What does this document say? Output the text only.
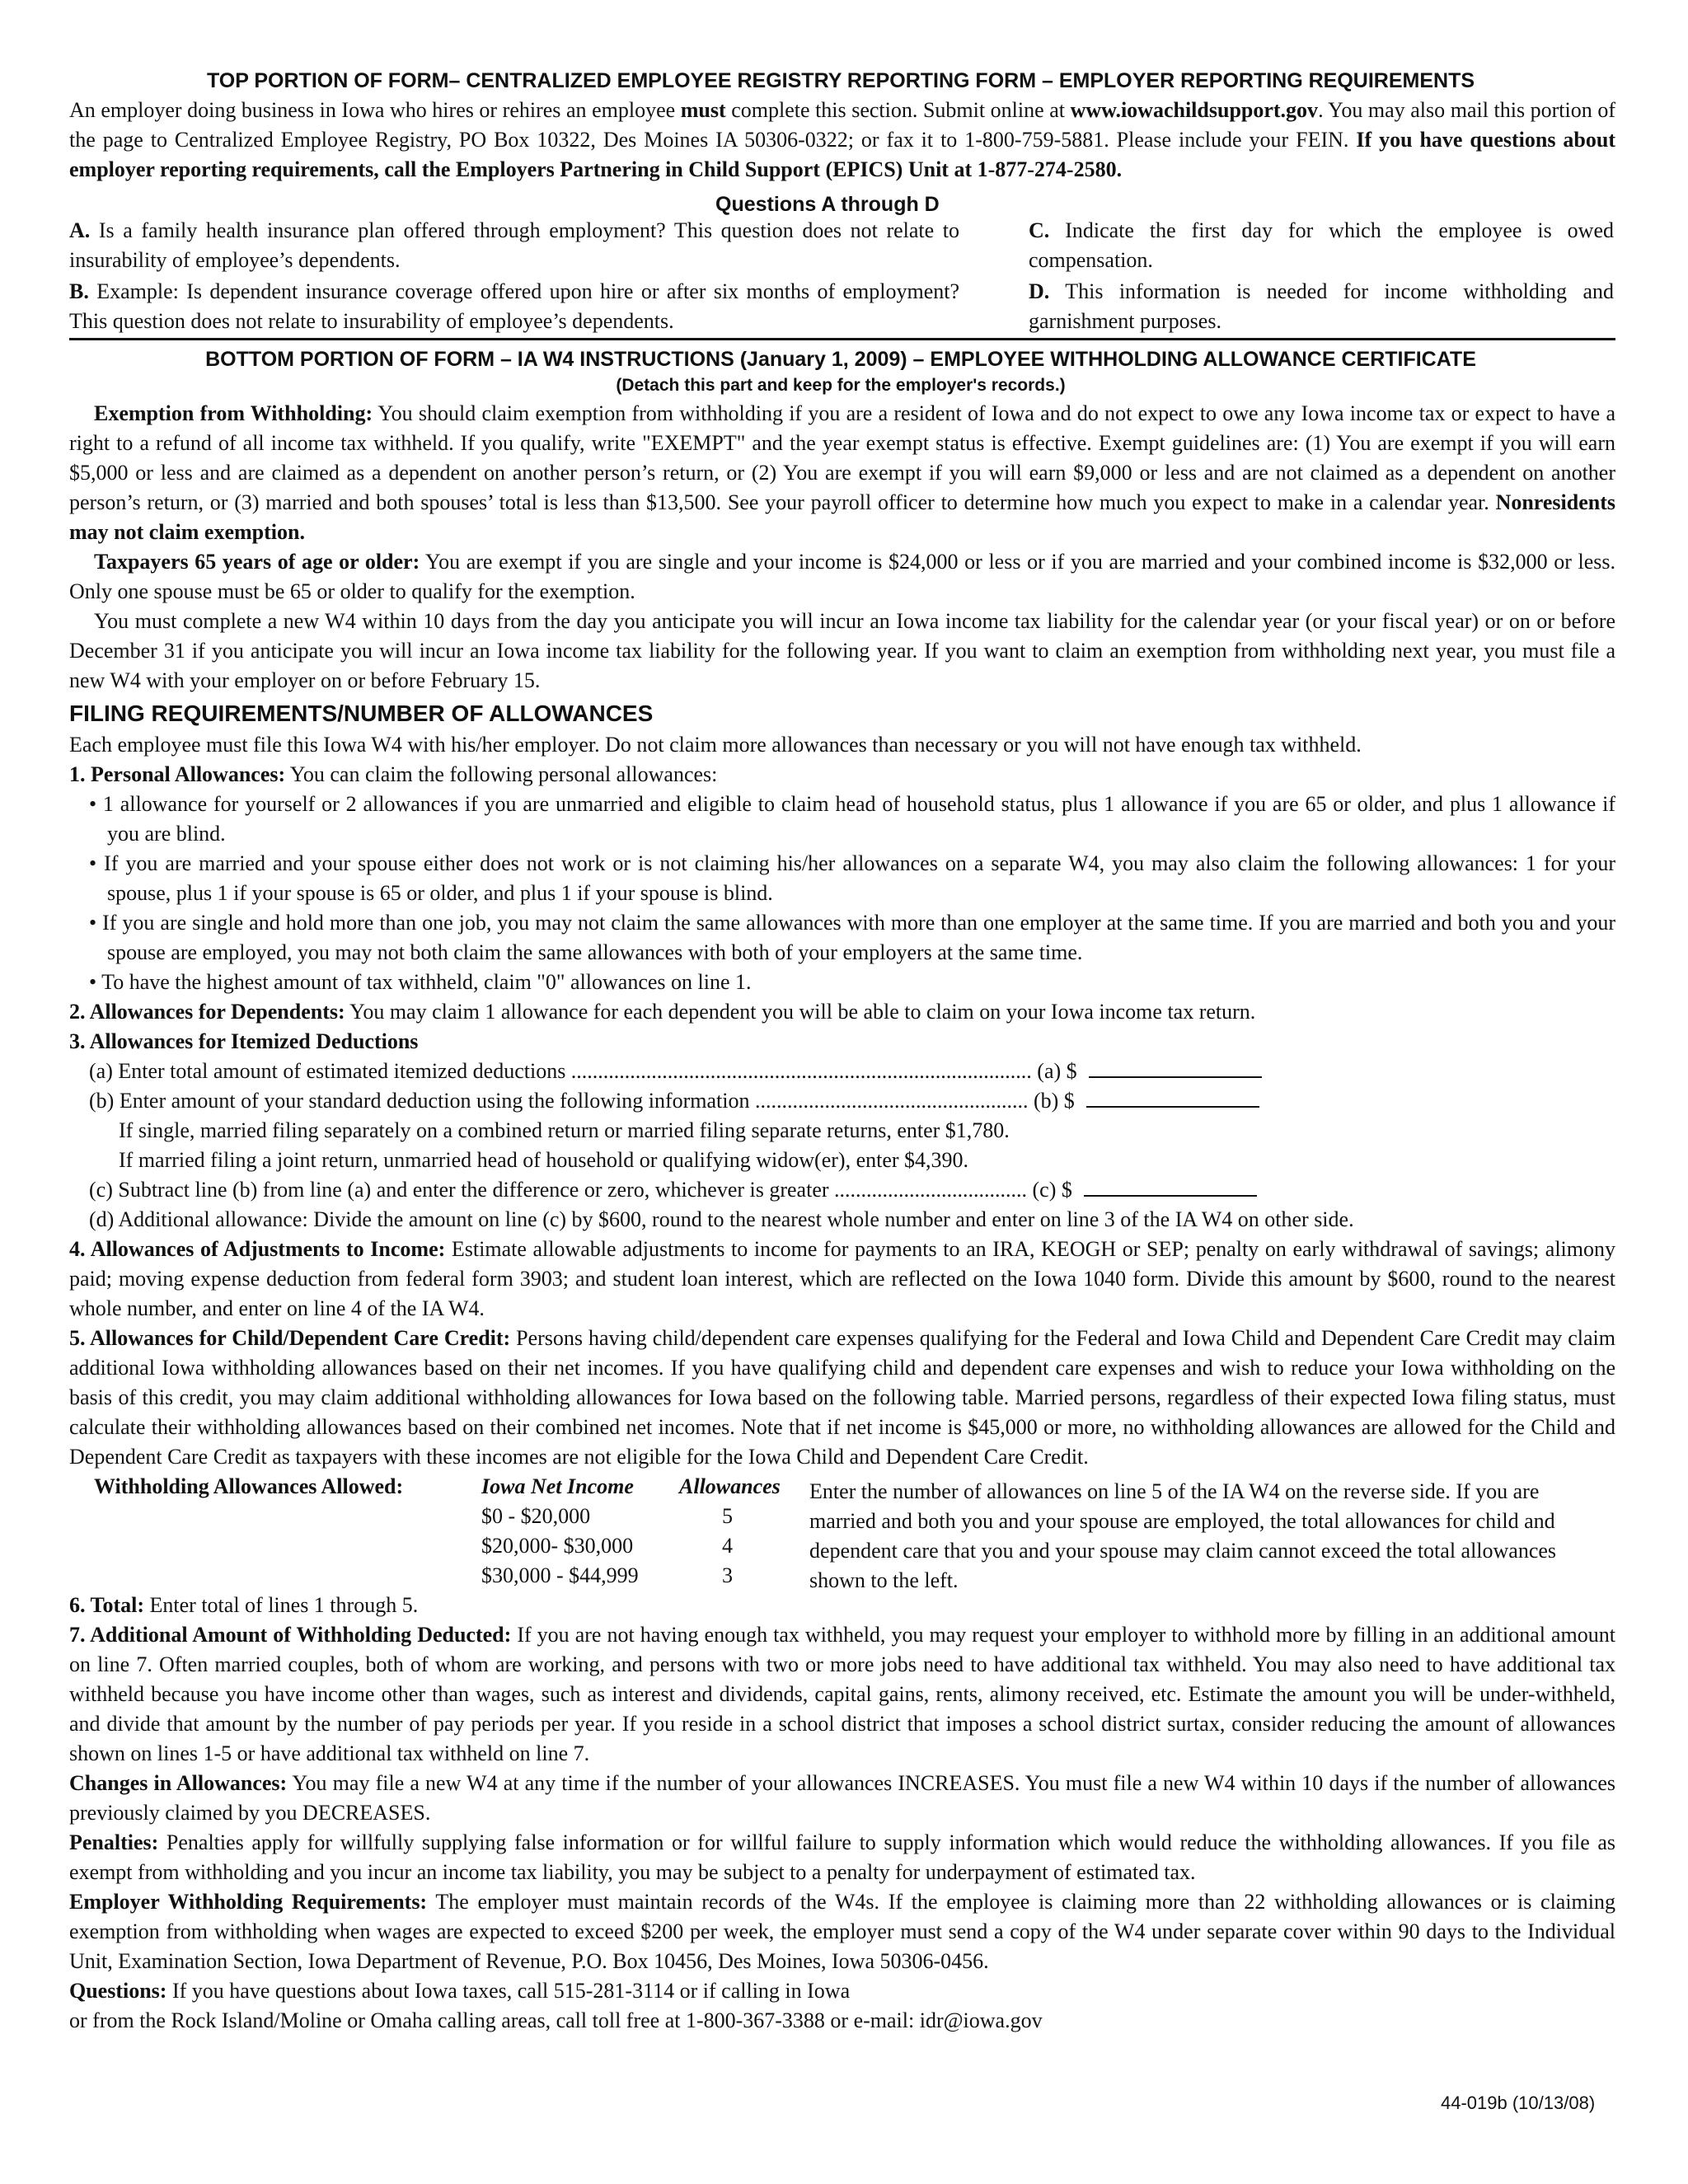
TOP PORTION OF FORM– CENTRALIZED EMPLOYEE REGISTRY REPORTING FORM – EMPLOYER REPORTING REQUIREMENTS

An employer doing business in Iowa who hires or rehires an employee must complete this section. Submit online at www.iowachildsupport.gov. You may also mail this portion of the page to Centralized Employee Registry, PO Box 10322, Des Moines IA 50306-0322; or fax it to 1-800-759-5881. Please include your FEIN. If you have questions about employer reporting requirements, call the Employers Partnering in Child Support (EPICS) Unit at 1-877-274-2580.

Questions A through D

A. Is a family health insurance plan offered through employment? This question does not relate to insurability of employee’s dependents.

B. Example: Is dependent insurance coverage offered upon hire or after six months of employment? This question does not relate to insurability of employee’s dependents.

C. Indicate the first day for which the employee is owed compensation.

D. This information is needed for income withholding and garnishment purposes.

BOTTOM PORTION OF FORM – IA W4 INSTRUCTIONS (January 1, 2009) – EMPLOYEE WITHHOLDING ALLOWANCE CERTIFICATE
(Detach this part and keep for the employer's records.)

Exemption from Withholding: You should claim exemption from withholding if you are a resident of Iowa and do not expect to owe any Iowa income tax or expect to have a right to a refund of all income tax withheld. If you qualify, write "EXEMPT" and the year exempt status is effective. Exempt guidelines are: (1) You are exempt if you will earn $5,000 or less and are claimed as a dependent on another person’s return, or (2) You are exempt if you will earn $9,000 or less and are not claimed as a dependent on another person’s return, or (3) married and both spouses’ total is less than $13,500. See your payroll officer to determine how much you expect to make in a calendar year. Nonresidents may not claim exemption.

Taxpayers 65 years of age or older: You are exempt if you are single and your income is $24,000 or less or if you are married and your combined income is $32,000 or less. Only one spouse must be 65 or older to qualify for the exemption.

You must complete a new W4 within 10 days from the day you anticipate you will incur an Iowa income tax liability for the calendar year (or your fiscal year) or on or before December 31 if you anticipate you will incur an Iowa income tax liability for the following year. If you want to claim an exemption from withholding next year, you must file a new W4 with your employer on or before February 15.

FILING REQUIREMENTS/NUMBER OF ALLOWANCES

Each employee must file this Iowa W4 with his/her employer. Do not claim more allowances than necessary or you will not have enough tax withheld.

1. Personal Allowances: You can claim the following personal allowances:

• 1 allowance for yourself or 2 allowances if you are unmarried and eligible to claim head of household status, plus 1 allowance if you are 65 or older, and plus 1 allowance if you are blind.

• If you are married and your spouse either does not work or is not claiming his/her allowances on a separate W4, you may also claim the following allowances: 1 for your spouse, plus 1 if your spouse is 65 or older, and plus 1 if your spouse is blind.

• If you are single and hold more than one job, you may not claim the same allowances with more than one employer at the same time. If you are married and both you and your spouse are employed, you may not both claim the same allowances with both of your employers at the same time.

• To have the highest amount of tax withheld, claim "0" allowances on line 1.

2. Allowances for Dependents: You may claim 1 allowance for each dependent you will be able to claim on your Iowa income tax return.

3. Allowances for Itemized Deductions

(a) Enter total amount of estimated itemized deductions ...................................................................................... (a) $

(b) Enter amount of your standard deduction using the following information ................................................... (b) $

If single, married filing separately on a combined return or married filing separate returns, enter $1,780.

If married filing a joint return, unmarried head of household or qualifying widow(er), enter $4,390.

(c) Subtract line (b) from line (a) and enter the difference or zero, whichever is greater .................................... (c) $

(d) Additional allowance: Divide the amount on line (c) by $600, round to the nearest whole number and enter on line 3 of the IA W4 on other side.

4. Allowances of Adjustments to Income: Estimate allowable adjustments to income for payments to an IRA, KEOGH or SEP; penalty on early withdrawal of savings; alimony paid; moving expense deduction from federal form 3903; and student loan interest, which are reflected on the Iowa 1040 form. Divide this amount by $600, round to the nearest whole number, and enter on line 4 of the IA W4.

5. Allowances for Child/Dependent Care Credit: Persons having child/dependent care expenses qualifying for the Federal and Iowa Child and Dependent Care Credit may claim additional Iowa withholding allowances based on their net incomes. If you have qualifying child and dependent care expenses and wish to reduce your Iowa withholding on the basis of this credit, you may claim additional withholding allowances for Iowa based on the following table. Married persons, regardless of their expected Iowa filing status, must calculate their withholding allowances based on their combined net incomes. Note that if net income is $45,000 or more, no withholding allowances are allowed for the Child and Dependent Care Credit as taxpayers with these incomes are not eligible for the Iowa Child and Dependent Care Credit.

Withholding Allowances Allowed:	Iowa Net Income	Allowances
	$0 - $20,000	5
	$20,000- $30,000	4
	$30,000 - $44,999	3

Enter the number of allowances on line 5 of the IA W4 on the reverse side. If you are married and both you and your spouse are employed, the total allowances for child and dependent care that you and your spouse may claim cannot exceed the total allowances shown to the left.

6. Total: Enter total of lines 1 through 5.

7. Additional Amount of Withholding Deducted: If you are not having enough tax withheld, you may request your employer to withhold more by filling in an additional amount on line 7. Often married couples, both of whom are working, and persons with two or more jobs need to have additional tax withheld. You may also need to have additional tax withheld because you have income other than wages, such as interest and dividends, capital gains, rents, alimony received, etc. Estimate the amount you will be under-withheld, and divide that amount by the number of pay periods per year. If you reside in a school district that imposes a school district surtax, consider reducing the amount of allowances shown on lines 1-5 or have additional tax withheld on line 7.

Changes in Allowances: You may file a new W4 at any time if the number of your allowances INCREASES. You must file a new W4 within 10 days if the number of allowances previously claimed by you DECREASES.

Penalties: Penalties apply for willfully supplying false information or for willful failure to supply information which would reduce the withholding allowances. If you file as exempt from withholding and you incur an income tax liability, you may be subject to a penalty for underpayment of estimated tax.

Employer Withholding Requirements: The employer must maintain records of the W4s. If the employee is claiming more than 22 withholding allowances or is claiming exemption from withholding when wages are expected to exceed $200 per week, the employer must send a copy of the W4 under separate cover within 90 days to the Individual Unit, Examination Section, Iowa Department of Revenue, P.O. Box 10456, Des Moines, Iowa 50306-0456.

Questions: If you have questions about Iowa taxes, call 515-281-3114 or if calling in Iowa
or from the Rock Island/Moline or Omaha calling areas, call toll free at 1-800-367-3388 or e-mail: idr@iowa.gov

44-019b (10/13/08)
